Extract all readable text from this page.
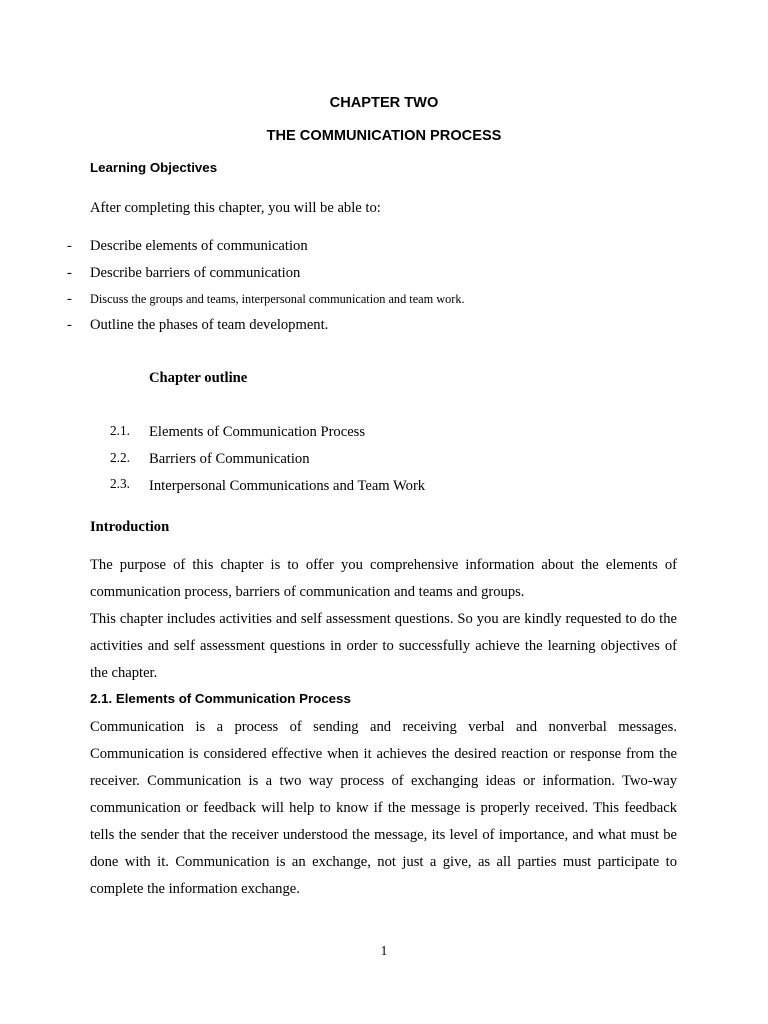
CHAPTER TWO
THE COMMUNICATION PROCESS
Learning Objectives
After completing this chapter, you will be able to:
- Describe elements of communication
- Describe barriers of communication
- Discuss the groups and teams, interpersonal communication and team work.
- Outline the phases of team development.
Chapter outline
2.1. Elements of Communication Process
2.2. Barriers of Communication
2.3. Interpersonal Communications and Team Work
Introduction
The purpose of this chapter is to offer you comprehensive information about the elements of communication process, barriers of communication and teams and groups.
This chapter includes activities and self assessment questions. So you are kindly requested to do the activities and self assessment questions in order to successfully achieve the learning objectives of the chapter.
2.1. Elements of Communication Process
Communication is a process of sending and receiving verbal and nonverbal messages. Communication is considered effective when it achieves the desired reaction or response from the receiver. Communication is a two way process of exchanging ideas or information. Two-way communication or feedback will help to know if the message is properly received. This feedback tells the sender that the receiver understood the message, its level of importance, and what must be done with it. Communication is an exchange, not just a give, as all parties must participate to complete the information exchange.
1
